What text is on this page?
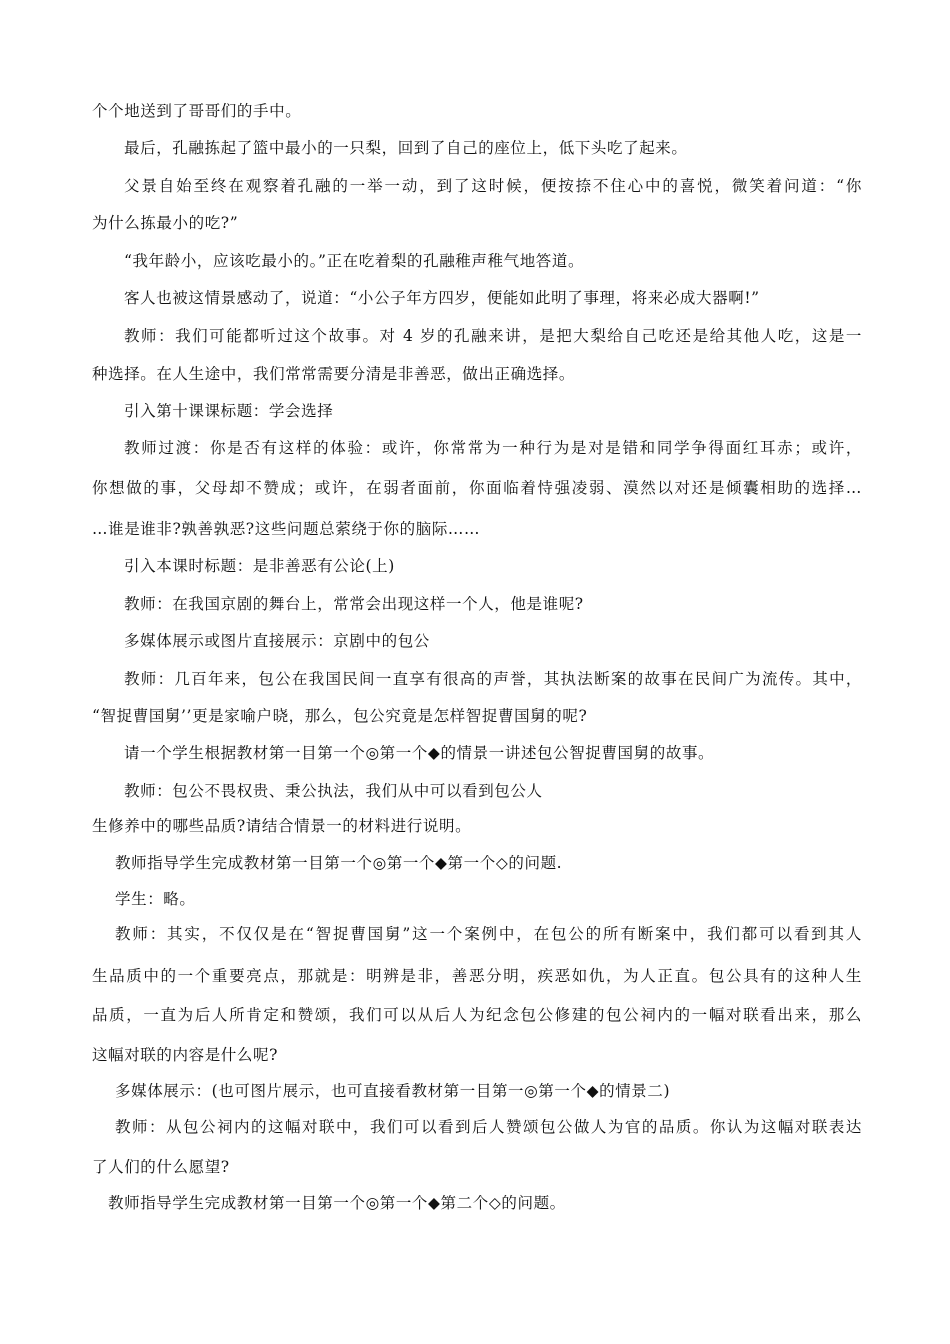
个个地送到了哥哥们的手中。
最后，孔融拣起了篮中最小的一只梨，回到了自己的座位上，低下头吃了起来。
父景自始至终在观察着孔融的一举一动，到了这时候，便按捺不住心中的喜悦，微笑着问道：“你
为什么拣最小的吃?”
“我年龄小，应该吃最小的。”正在吃着梨的孔融稚声稚气地答道。
客人也被这情景感动了，说道：“小公子年方四岁，便能如此明了事理，将来必成大器啊!”
教师：我们可能都听过这个故事。对 4 岁的孔融来讲，是把大梨给自己吃还是给其他人吃，这是一
种选择。在人生途中，我们常常需要分清是非善恶，做出正确选择。
引入第十课课标题：学会选择
教师过渡：你是否有这样的体验：或许，你常常为一种行为是对是错和同学争得面红耳赤；或许，
你想做的事，父母却不赞成；或许，在弱者面前，你面临着恃强凌弱、漠然以对还是倾囊相助的选择…
…谁是谁非?孰善孰恶?这些问题总萦绕于你的脑际……
引入本课时标题：是非善恶有公论(上)
教师：在我国京剧的舞台上，常常会出现这样一个人，他是谁呢?
多媒体展示或图片直接展示：京剧中的包公
教师：几百年来，包公在我国民间一直享有很高的声誉，其执法断案的故事在民间广为流传。其中，
“智捉曹国舅’’更是家喻户晓，那么，包公究竟是怎样智捉曹国舅的呢?
请一个学生根据教材第一目第一个◎第一个◆的情景一讲述包公智捉曹国舅的故事。
教师：包公不畏权贵、秉公执法，我们从中可以看到包公人
生修养中的哪些品质?请结合情景一的材料进行说明。
教师指导学生完成教材第一目第一个◎第一个◆第一个◇的问题.
学生：略。
教师：其实，不仅仅是在“智捉曹国舅”这一个案例中，在包公的所有断案中，我们都可以看到其人
生品质中的一个重要亮点，那就是：明辨是非，善恶分明，疾恶如仇，为人正直。包公具有的这种人生
品质，一直为后人所肯定和赞颂，我们可以从后人为纪念包公修建的包公祠内的一幅对联看出来，那么
这幅对联的内容是什么呢?
多媒体展示：(也可图片展示，也可直接看教材第一目第一◎第一个◆的情景二)
教师：从包公祠内的这幅对联中，我们可以看到后人赞颂包公做人为官的品质。你认为这幅对联表达
了人们的什么愿望?
教师指导学生完成教材第一目第一个◎第一个◆第二个◇的问题。
